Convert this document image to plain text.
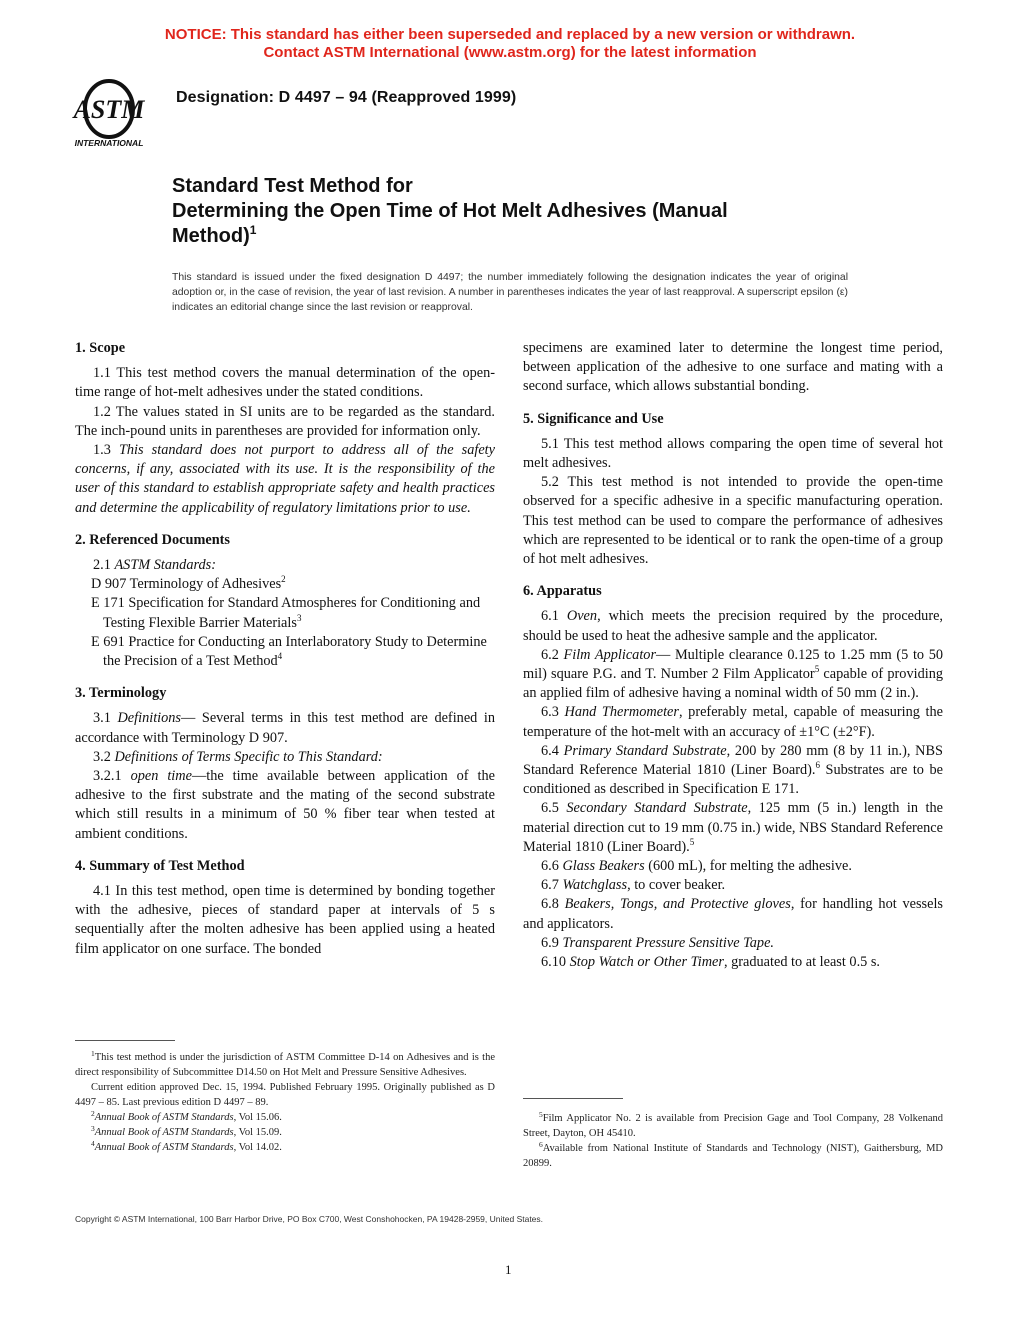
NOTICE: This standard has either been superseded and replaced by a new version or withdrawn.
Contact ASTM International (www.astm.org) for the latest information
ASTM
INTERNATIONAL
Designation: D 4497 – 94 (Reapproved 1999)
Standard Test Method for
Determining the Open Time of Hot Melt Adhesives (Manual
Method)$^1$
This standard is issued under the fixed designation D 4497; the number immediately following the designation indicates the year of original adoption or, in the case of revision, the year of last revision. A number in parentheses indicates the year of last reapproval. A superscript epsilon (ε) indicates an editorial change since the last revision or reapproval.
1. Scope

1.1 This test method covers the manual determination of the open-time range of hot-melt adhesives under the stated conditions.

1.2 The values stated in SI units are to be regarded as the standard. The inch-pound units in parentheses are provided for information only.

1.3 This standard does not purport to address all of the safety concerns, if any, associated with its use. It is the responsibility of the user of this standard to establish appropriate safety and health practices and determine the applicability of regulatory limitations prior to use.

2. Referenced Documents

2.1 ASTM Standards:

D 907 Terminology of Adhesives$^2$

E 171 Specification for Standard Atmospheres for Conditioning and Testing Flexible Barrier Materials$^3$

E 691 Practice for Conducting an Interlaboratory Study to Determine the Precision of a Test Method$^4$

3. Terminology

3.1 Definitions— Several terms in this test method are defined in accordance with Terminology D 907.

3.2 Definitions of Terms Specific to This Standard:

3.2.1 open time—the time available between application of the adhesive to the first substrate and the mating of the second substrate which still results in a minimum of 50 % fiber tear when tested at ambient conditions.

4. Summary of Test Method

4.1 In this test method, open time is determined by bonding together with the adhesive, pieces of standard paper at intervals of 5 s sequentially after the molten adhesive has been applied using a heated film applicator on one surface. The bonded

$^1$This test method is under the jurisdiction of ASTM Committee D-14 on Adhesives and is the direct responsibility of Subcommittee D14.50 on Hot Melt and Pressure Sensitive Adhesives.

Current edition approved Dec. 15, 1994. Published February 1995. Originally published as D 4497 – 85. Last previous edition D 4497 – 89.

$^2$Annual Book of ASTM Standards, Vol 15.06.

$^3$Annual Book of ASTM Standards, Vol 15.09.

$^4$Annual Book of ASTM Standards, Vol 14.02.

specimens are examined later to determine the longest time period, between application of the adhesive to one surface and mating with a second surface, which allows substantial bonding.

5. Significance and Use

5.1 This test method allows comparing the open time of several hot melt adhesives.

5.2 This test method is not intended to provide the open-time observed for a specific adhesive in a specific manufacturing operation. This test method can be used to compare the performance of adhesives which are represented to be identical or to rank the open-time of a group of hot melt adhesives.

6. Apparatus

6.1 Oven, which meets the precision required by the procedure, should be used to heat the adhesive sample and the applicator.

6.2 Film Applicator— Multiple clearance 0.125 to 1.25 mm (5 to 50 mil) square P.G. and T. Number 2 Film Applicator$^5$ capable of providing an applied film of adhesive having a nominal width of 50 mm (2 in.).

6.3 Hand Thermometer, preferably metal, capable of measuring the temperature of the hot-melt with an accuracy of ±1°C (±2°F).

6.4 Primary Standard Substrate, 200 by 280 mm (8 by 11 in.), NBS Standard Reference Material 1810 (Liner Board).$^6$ Substrates are to be conditioned as described in Specification E 171.

6.5 Secondary Standard Substrate, 125 mm (5 in.) length in the material direction cut to 19 mm (0.75 in.) wide, NBS Standard Reference Material 1810 (Liner Board).$^5$

6.6 Glass Beakers (600 mL), for melting the adhesive.

6.7 Watchglass, to cover beaker.

6.8 Beakers, Tongs, and Protective gloves, for handling hot vessels and applicators.

6.9 Transparent Pressure Sensitive Tape.

6.10 Stop Watch or Other Timer, graduated to at least 0.5 s.

$^5$Film Applicator No. 2 is available from Precision Gage and Tool Company, 28 Volkenand Street, Dayton, OH 45410.

$^6$Available from National Institute of Standards and Technology (NIST), Gaithersburg, MD 20899.

Copyright © ASTM International, 100 Barr Harbor Drive, PO Box C700, West Conshohocken, PA 19428-2959, United States.
1
